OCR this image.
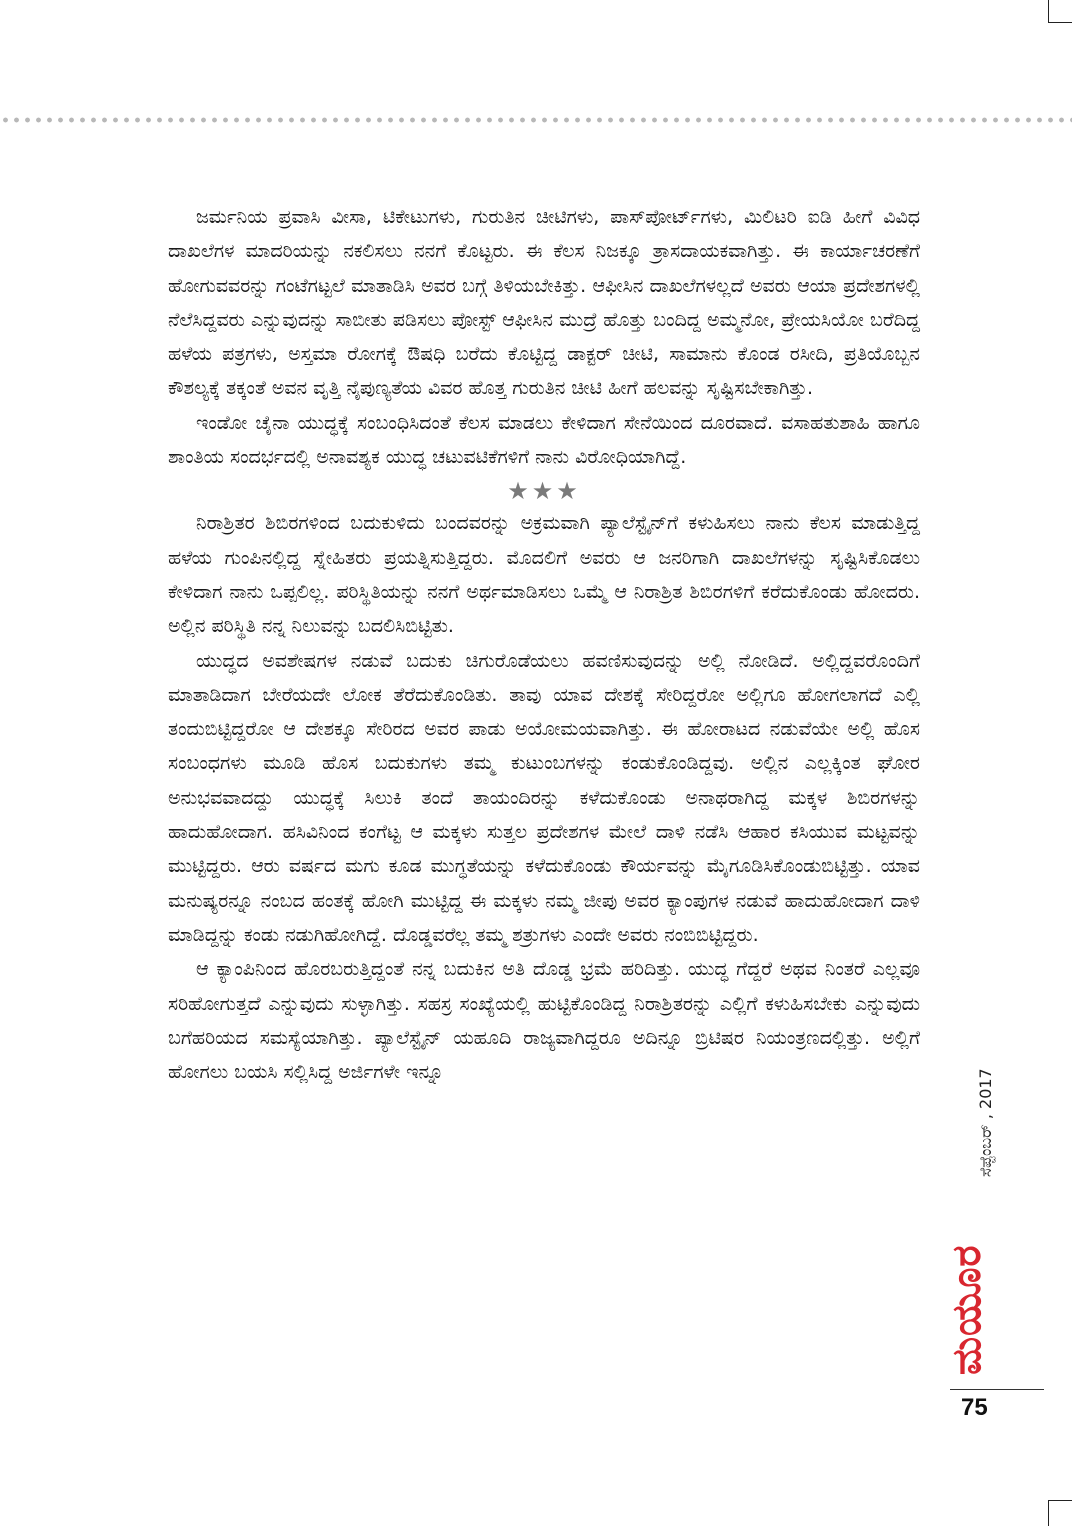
ಜರ್ಮನಿಯ ಪ್ರವಾಸಿ ವೀಸಾ, ಟಿಕೇಟುಗಳು, ಗುರುತಿನ ಚೀಟಿಗಳು, ಪಾಸ್‌ಪೋರ್ಟ್‌ಗಳು, ಮಿಲಿಟರಿ ಐಡಿ ಹೀಗೆ ವಿವಿಧ ದಾಖಲೆಗಳ ಮಾದರಿಯನ್ನು ನಕಲಿಸಲು ನನಗೆ ಕೊಟ್ಟರು. ಈ ಕೆಲಸ ನಿಜಕ್ಕೂ ತ್ರಾಸದಾಯಕವಾಗಿತ್ತು. ಈ ಕಾರ್ಯಾಚರಣೆಗೆ ಹೋಗುವವರನ್ನು ಗಂಟೆಗಟ್ಟಲೆ ಮಾತಾಡಿಸಿ ಅವರ ಬಗ್ಗೆ ತಿಳಿಯಬೇಕಿತ್ತು. ಆಫೀಸಿನ ದಾಖಲೆಗಳಲ್ಲದೆ ಅವರು ಆಯಾ ಪ್ರದೇಶಗಳಲ್ಲಿ ನೆಲೆಸಿದ್ದವರು ಎನ್ನುವುದನ್ನು ಸಾಬೀತು ಪಡಿಸಲು ಪೋಸ್ಟ್ ಆಫೀಸಿನ ಮುದ್ರೆ ಹೊತ್ತು ಬಂದಿದ್ದ ಅಮ್ಮನೋ, ಪ್ರೇಯಸಿಯೋ ಬರೆದಿದ್ದ ಹಳೆಯ ಪತ್ರಗಳು, ಅಸ್ತಮಾ ರೋಗಕ್ಕೆ ಔಷಧಿ ಬರೆದು ಕೊಟ್ಟಿದ್ದ ಡಾಕ್ಟರ್ ಚೀಟಿ, ಸಾಮಾನು ಕೊಂಡ ರಸೀದಿ, ಪ್ರತಿಯೊಬ್ಬನ ಕೌಶಲ್ಯಕ್ಕೆ ತಕ್ಕಂತೆ ಅವನ ವೃತ್ತಿ ನೈಪುಣ್ಯತೆಯ ವಿವರ ಹೊತ್ತ ಗುರುತಿನ ಚೀಟಿ ಹೀಗೆ ಹಲವನ್ನು ಸೃಷ್ಟಿಸಬೇಕಾಗಿತ್ತು.

ಇಂಡೋ ಚೈನಾ ಯುದ್ಧಕ್ಕೆ ಸಂಬಂಧಿಸಿದಂತೆ ಕೆಲಸ ಮಾಡಲು ಕೇಳಿದಾಗ ಸೇನೆಯಿಂದ ದೂರವಾದೆ. ವಸಾಹತುಶಾಹಿ ಹಾಗೂ ಶಾಂತಿಯ ಸಂದರ್ಭದಲ್ಲಿ ಅನಾವಶ್ಯಕ ಯುದ್ಧ ಚಟುವಟಿಕೆಗಳಿಗೆ ನಾನು ವಿರೋಧಿಯಾಗಿದ್ದೆ.

★★★

ನಿರಾಶ್ರಿತರ ಶಿಬಿರಗಳಿಂದ ಬದುಕುಳಿದು ಬಂದವರನ್ನು ಅಕ್ರಮವಾಗಿ ಪ್ಯಾಲೆಸ್ಟೈನ್‌ಗೆ ಕಳುಹಿಸಲು ನಾನು ಕೆಲಸ ಮಾಡುತ್ತಿದ್ದ ಹಳೆಯ ಗುಂಪಿನಲ್ಲಿದ್ದ ಸ್ನೇಹಿತರು ಪ್ರಯತ್ನಿಸುತ್ತಿದ್ದರು. ಮೊದಲಿಗೆ ಅವರು ಆ ಜನರಿಗಾಗಿ ದಾಖಲೆಗಳನ್ನು ಸೃಷ್ಟಿಸಿಕೊಡಲು ಕೇಳಿದಾಗ ನಾನು ಒಪ್ಪಲಿಲ್ಲ. ಪರಿಸ್ಥಿತಿಯನ್ನು ನನಗೆ ಅರ್ಥಮಾಡಿಸಲು ಒಮ್ಮೆ ಆ ನಿರಾಶ್ರಿತ ಶಿಬಿರಗಳಿಗೆ ಕರೆದುಕೊಂಡು ಹೋದರು. ಅಲ್ಲಿನ ಪರಿಸ್ಥಿತಿ ನನ್ನ ನಿಲುವನ್ನು ಬದಲಿಸಿಬಿಟ್ಟಿತು.

ಯುದ್ಧದ ಅವಶೇಷಗಳ ನಡುವೆ ಬದುಕು ಚಿಗುರೊಡೆಯಲು ಹವಣಿಸುವುದನ್ನು ಅಲ್ಲಿ ನೋಡಿದೆ. ಅಲ್ಲಿದ್ದವರೊಂದಿಗೆ ಮಾತಾಡಿದಾಗ ಬೇರೆಯದೇ ಲೋಕ ತೆರೆದುಕೊಂಡಿತು. ತಾವು ಯಾವ ದೇಶಕ್ಕೆ ಸೇರಿದ್ದರೋ ಅಲ್ಲಿಗೂ ಹೋಗಲಾಗದೆ ಎಲ್ಲಿ ತಂದುಬಿಟ್ಟಿದ್ದರೋ ಆ ದೇಶಕ್ಕೂ ಸೇರಿರದ ಅವರ ಪಾಡು ಅಯೋಮಯವಾಗಿತ್ತು. ಈ ಹೋರಾಟದ ನಡುವೆಯೇ ಅಲ್ಲಿ ಹೊಸ ಸಂಬಂಧಗಳು ಮೂಡಿ ಹೊಸ ಬದುಕುಗಳು ತಮ್ಮ ಕುಟುಂಬಗಳನ್ನು ಕಂಡುಕೊಂಡಿದ್ದವು. ಅಲ್ಲಿನ ಎಲ್ಲಕ್ಕಿಂತ ಘೋರ ಅನುಭವವಾದದ್ದು ಯುದ್ಧಕ್ಕೆ ಸಿಲುಕಿ ತಂದೆ ತಾಯಂದಿರನ್ನು ಕಳೆದುಕೊಂಡು ಅನಾಥರಾಗಿದ್ದ ಮಕ್ಕಳ ಶಿಬಿರಗಳನ್ನು ಹಾದುಹೋದಾಗ. ಹಸಿವಿನಿಂದ ಕಂಗೆಟ್ಟ ಆ ಮಕ್ಕಳು ಸುತ್ತಲ ಪ್ರದೇಶಗಳ ಮೇಲೆ ದಾಳಿ ನಡೆಸಿ ಆಹಾರ ಕಸಿಯುವ ಮಟ್ಟವನ್ನು ಮುಟ್ಟಿದ್ದರು. ಆರು ವರ್ಷದ ಮಗು ಕೂಡ ಮುಗ್ಧತೆಯನ್ನು ಕಳೆದುಕೊಂಡು ಕೌರ್ಯವನ್ನು ಮೈಗೂಡಿಸಿಕೊಂಡುಬಿಟ್ಟಿತ್ತು. ಯಾವ ಮನುಷ್ಯರನ್ನೂ ನಂಬದ ಹಂತಕ್ಕೆ ಹೋಗಿ ಮುಟ್ಟಿದ್ದ ಈ ಮಕ್ಕಳು ನಮ್ಮ ಜೀಪು ಅವರ ಕ್ಯಾಂಪುಗಳ ನಡುವೆ ಹಾದುಹೋದಾಗ ದಾಳಿ ಮಾಡಿದ್ದನ್ನು ಕಂಡು ನಡುಗಿಹೋಗಿದ್ದೆ. ದೊಡ್ಡವರೆಲ್ಲ ತಮ್ಮ ಶತ್ರುಗಳು ಎಂದೇ ಅವರು ನಂಬಿಬಿಟ್ಟಿದ್ದರು.

ಆ ಕ್ಯಾಂಪಿನಿಂದ ಹೊರಬರುತ್ತಿದ್ದಂತೆ ನನ್ನ ಬದುಕಿನ ಅತಿ ದೊಡ್ಡ ಭ್ರಮೆ ಹರಿದಿತ್ತು. ಯುದ್ಧ ಗೆದ್ದರೆ ಅಥವ ನಿಂತರೆ ಎಲ್ಲವೂ ಸರಿಹೋಗುತ್ತದೆ ಎನ್ನುವುದು ಸುಳ್ಳಾಗಿತ್ತು. ಸಹಸ್ರ ಸಂಖ್ಯೆಯಲ್ಲಿ ಹುಟ್ಟಿಕೊಂಡಿದ್ದ ನಿರಾಶ್ರಿತರನ್ನು ಎಲ್ಲಿಗೆ ಕಳುಹಿಸಬೇಕು ಎನ್ನುವುದು ಬಗೆಹರಿಯದ ಸಮಸ್ಯೆಯಾಗಿತ್ತು. ಪ್ಯಾಲೆಸ್ಟೈನ್ ಯಹೂದಿ ರಾಜ್ಯವಾಗಿದ್ದರೂ ಅದಿನ್ನೂ ಬ್ರಿಟಿಷರ ನಿಯಂತ್ರಣದಲ್ಲಿತ್ತು. ಅಲ್ಲಿಗೆ ಹೋಗಲು ಬಯಸಿ ಸಲ್ಲಿಸಿದ್ದ ಅರ್ಜಿಗಳೇ ಇನ್ನೂ	ಸೆಪ್ಟೆಂಬರ್ , 2017
ಮಯೂರ
75
